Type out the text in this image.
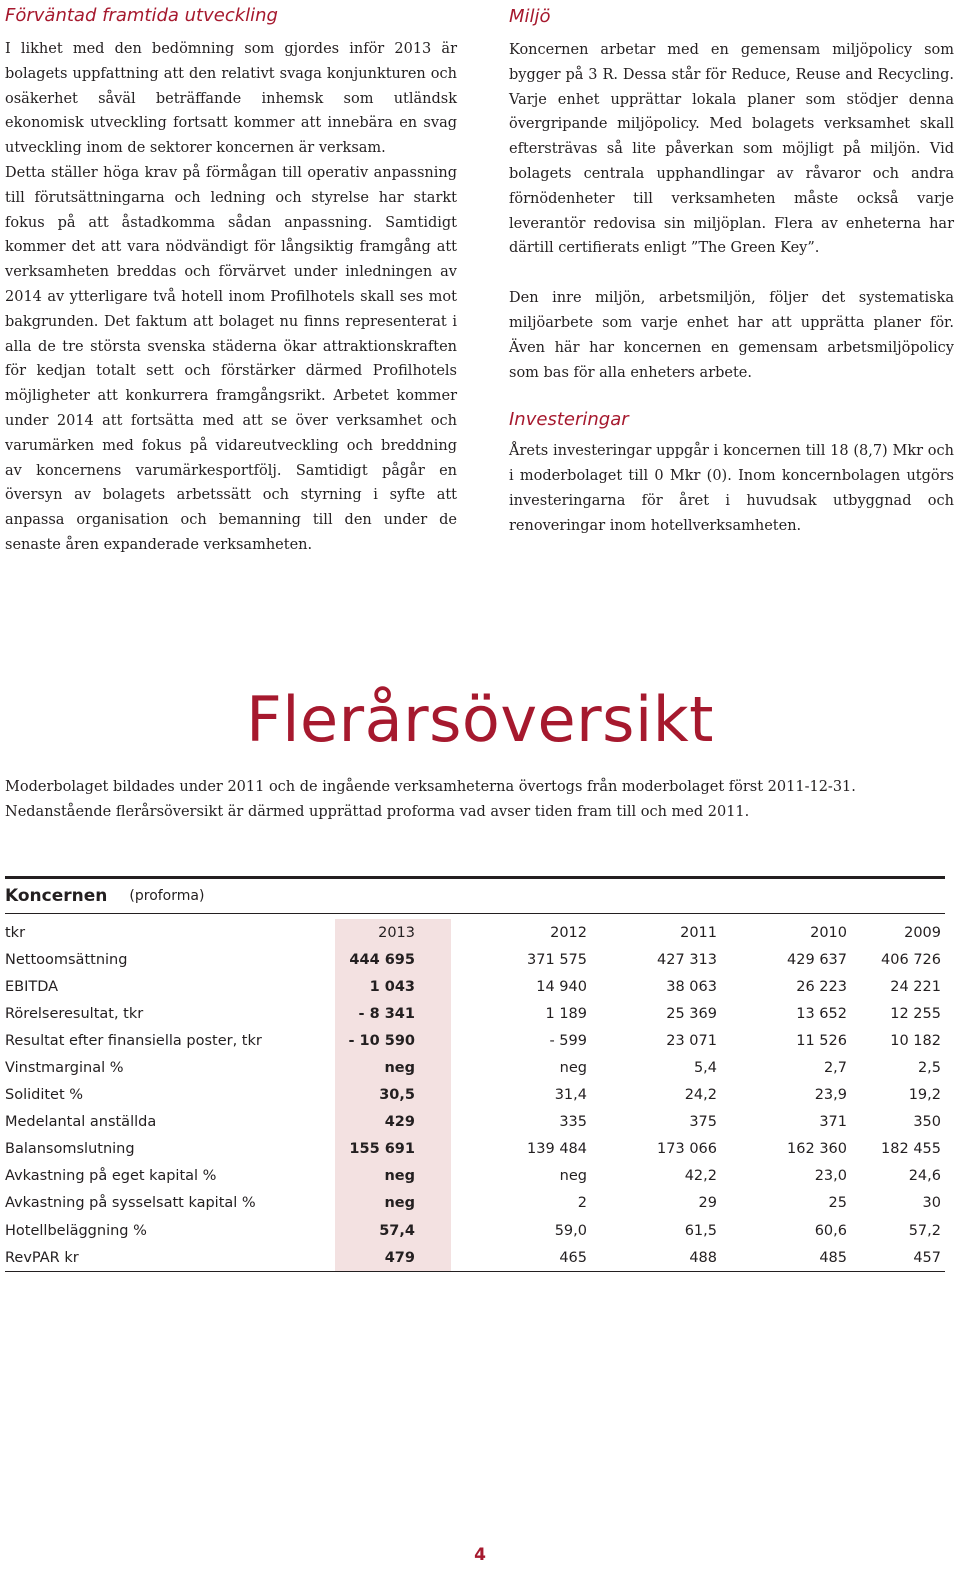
Förväntad framtida utveckling

I likhet med den bedömning som gjordes inför 2013 är bolagets uppfattning att den relativt svaga konjunkturen och osäkerhet såväl beträffande inhemsk som utländsk ekonomisk utveckling fortsatt kommer att innebära en svag utveckling inom de sektorer koncernen är verksam.

Detta ställer höga krav på förmågan till operativ anpassning till förutsättningarna och ledning och styrelse har starkt fokus på att åstadkomma sådan anpassning. Samtidigt kommer det att vara nödvändigt för långsiktig framgång att verksamheten breddas och förvärvet under inledningen av 2014 av ytterligare två hotell inom Profilhotels skall ses mot bakgrunden. Det faktum att bolaget nu finns representerat i alla de tre största svenska städerna ökar attraktionskraften för kedjan totalt sett och förstärker därmed Profilhotels möjligheter att konkurrera framgångsrikt. Arbetet kommer under 2014 att fortsätta med att se över verksamhet och varumärken med fokus på vidareutveckling och breddning av koncernens varumärkesportfölj. Samtidigt pågår en översyn av bolagets arbetssätt och styrning i syfte att anpassa organisation och bemanning till den under de senaste åren expanderade verksamheten.

Miljö

Koncernen arbetar med en gemensam miljöpolicy som bygger på 3 R. Dessa står för Reduce, Reuse and Recycling. Varje enhet upprättar lokala planer som stödjer denna övergripande miljöpolicy. Med bolagets verksamhet skall eftersträvas så lite påverkan som möjligt på miljön. Vid bolagets centrala upphandlingar av råvaror och andra förnödenheter till verksamheten måste också varje leverantör redovisa sin miljöplan. Flera av enheterna har därtill certifierats enligt ”The Green Key”.

Den inre miljön, arbetsmiljön, följer det systematiska miljöarbete som varje enhet har att upprätta planer för. Även här har koncernen en gemensam arbetsmiljöpolicy som bas för alla enheters arbete.

Investeringar

Årets investeringar uppgår i koncernen till 18 (8,7) Mkr och i moderbolaget till 0 Mkr (0). Inom koncernbolagen utgörs investeringarna för året i huvudsak utbyggnad och renoveringar inom hotellverksamheten.

Flerårsöversikt

Moderbolaget bildades under 2011 och de ingående verksamheterna övertogs från moderbolaget först 2011-12-31.
Nedanstående flerårsöversikt är därmed upprättad proforma vad avser tiden fram till och med 2011.

Koncernen (proforma)
tkr	2013	2012	2011	2010	2009
Nettoomsättning	444 695	371 575	427 313	429 637	406 726
EBITDA	1 043	14 940	38 063	26 223	24 221
Rörelseresultat, tkr	- 8 341	1 189	25 369	13 652	12 255
Resultat efter finansiella poster, tkr	- 10 590	- 599	23 071	11 526	10 182
Vinstmarginal %	neg	neg	5,4	2,7	2,5
Soliditet %	30,5	31,4	24,2	23,9	19,2
Medelantal anställda	429	335	375	371	350
Balansomslutning	155 691	139 484	173 066	162 360	182 455
Avkastning på eget kapital %	neg	neg	42,2	23,0	24,6
Avkastning på sysselsatt kapital %	neg	2	29	25	30
Hotellbeläggning %	57,4	59,0	61,5	60,6	57,2
RevPAR kr	479	465	488	485	457
4
